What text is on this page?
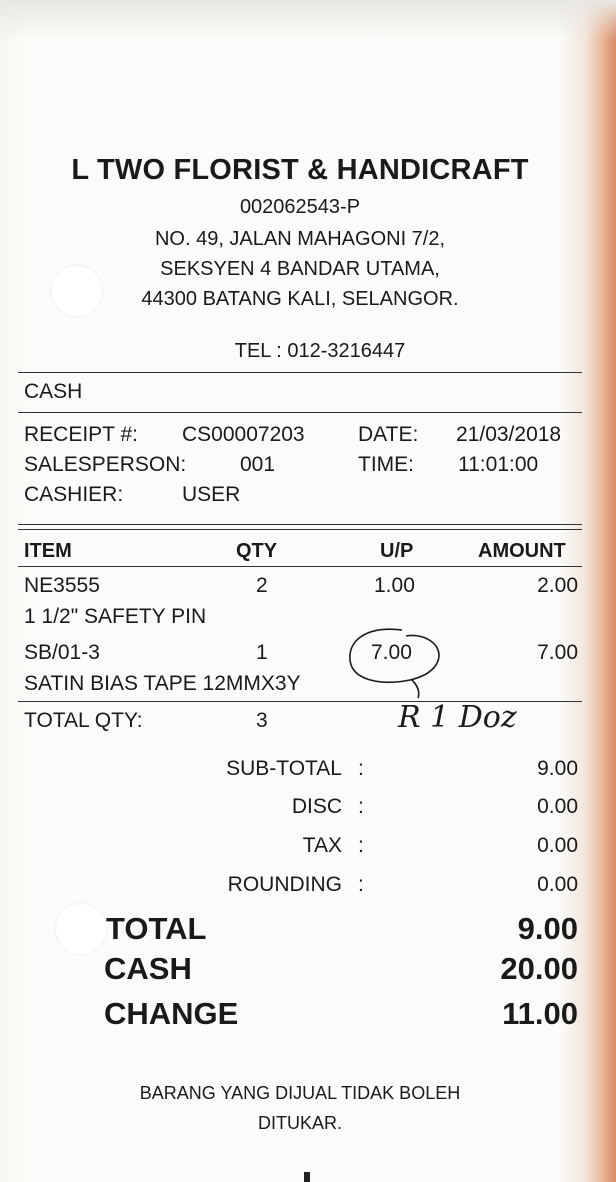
L TWO FLORIST & HANDICRAFT
002062543-P
NO. 49, JALAN MAHAGONI 7/2,
SEKSYEN 4 BANDAR UTAMA,
44300 BATANG KALI, SELANGOR.
TEL : 012-3216447
CASH
RECEIPT #: CS00007203	DATE: 21/03/2018
SALESPERSON:	001	TIME: 11:01:00
CASHIER:	USER
ITEM	QTY	U/P	AMOUNT
NE3555	2	1.00	2.00
1 1/2" SAFETY PIN
SB/01-3	1	7.00	7.00
SATIN BIAS TAPE 12MMX3Y
TOTAL QTY:	3	R 1 Doz
SUB-TOTAL :	9.00
DISC :	0.00
TAX :	0.00
ROUNDING :	0.00
TOTAL	9.00
CASH	20.00
CHANGE	11.00
BARANG YANG DIJUAL TIDAK BOLEH
DITUKAR.
